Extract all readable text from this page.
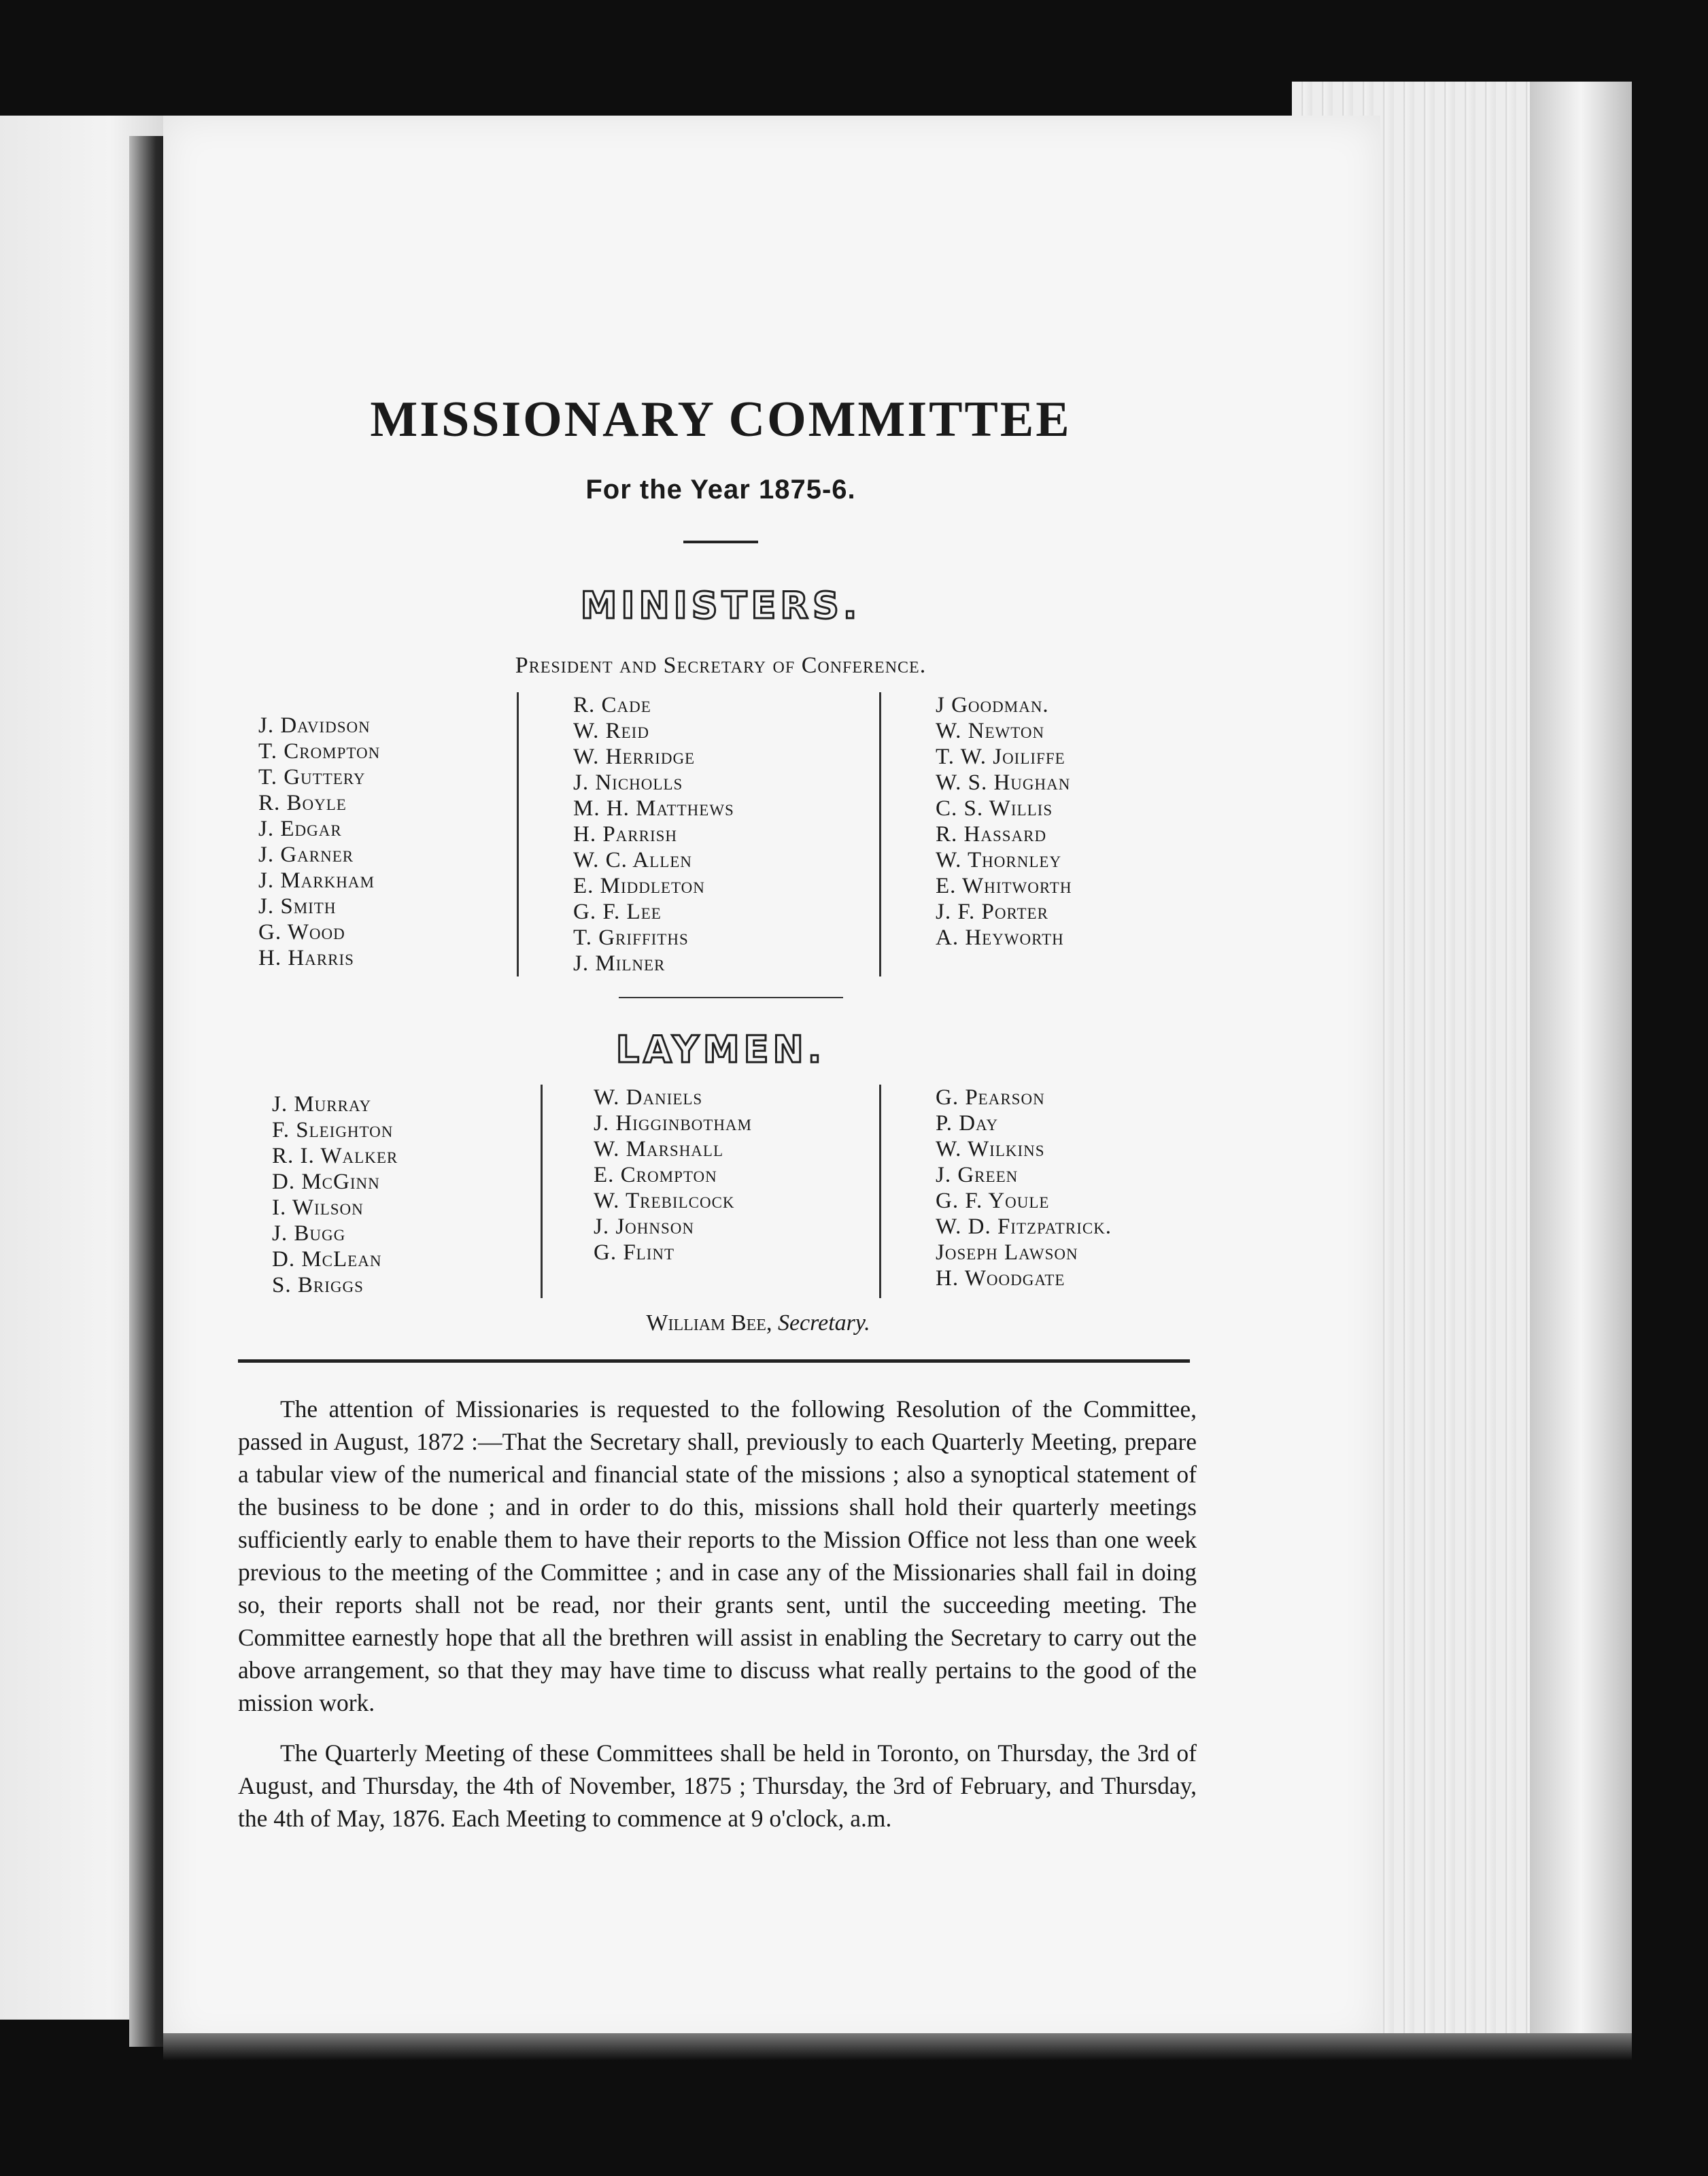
MISSIONARY COMMITTEE
For the Year 1875-6.
MINISTERS.
President and Secretary of Conference.
J. Davidson
T. Crompton
T. Guttery
R. Boyle
J. Edgar
J. Garner
J. Markham
J. Smith
G. Wood
H. Harris
R. Cade
W. Reid
W. Herridge
J. Nicholls
M. H. Matthews
H. Parrish
W. C. Allen
E. Middleton
G. F. Lee
T. Griffiths
J. Milner
J Goodman.
W. Newton
T. W. Joiliffe
W. S. Hughan
C. S. Willis
R. Hassard
W. Thornley
E. Whitworth
J. F. Porter
A. Heyworth
LAYMEN.
J. Murray
F. Sleighton
R. I. Walker
D. McGinn
I. Wilson
J. Bugg
D. McLean
S. Briggs
W. Daniels
J. Higginbotham
W. Marshall
E. Crompton
W. Trebilcock
J. Johnson
G. Flint
G. Pearson
P. Day
W. Wilkins
J. Green
G. F. Youle
W. D. Fitzpatrick.
Joseph Lawson
H. Woodgate
William Bee, Secretary.

The attention of Missionaries is requested to the following Resolution of the Committee, passed in August, 1872 :—That the Secretary shall, previously to each Quarterly Meeting, prepare a tabular view of the numerical and financial state of the missions ; also a synoptical statement of the business to be done ; and in order to do this, missions shall hold their quarterly meetings sufficiently early to enable them to have their reports to the Mission Office not less than one week previous to the meeting of the Committee ; and in case any of the Missionaries shall fail in doing so, their reports shall not be read, nor their grants sent, until the succeeding meeting. The Committee earnestly hope that all the brethren will assist in enabling the Secretary to carry out the above arrangement, so that they may have time to discuss what really pertains to the good of the mission work.

The Quarterly Meeting of these Committees shall be held in Toronto, on Thursday, the 3rd of August, and Thursday, the 4th of November, 1875 ; Thursday, the 3rd of February, and Thursday, the 4th of May, 1876. Each Meeting to commence at 9 o'clock, a.m.
